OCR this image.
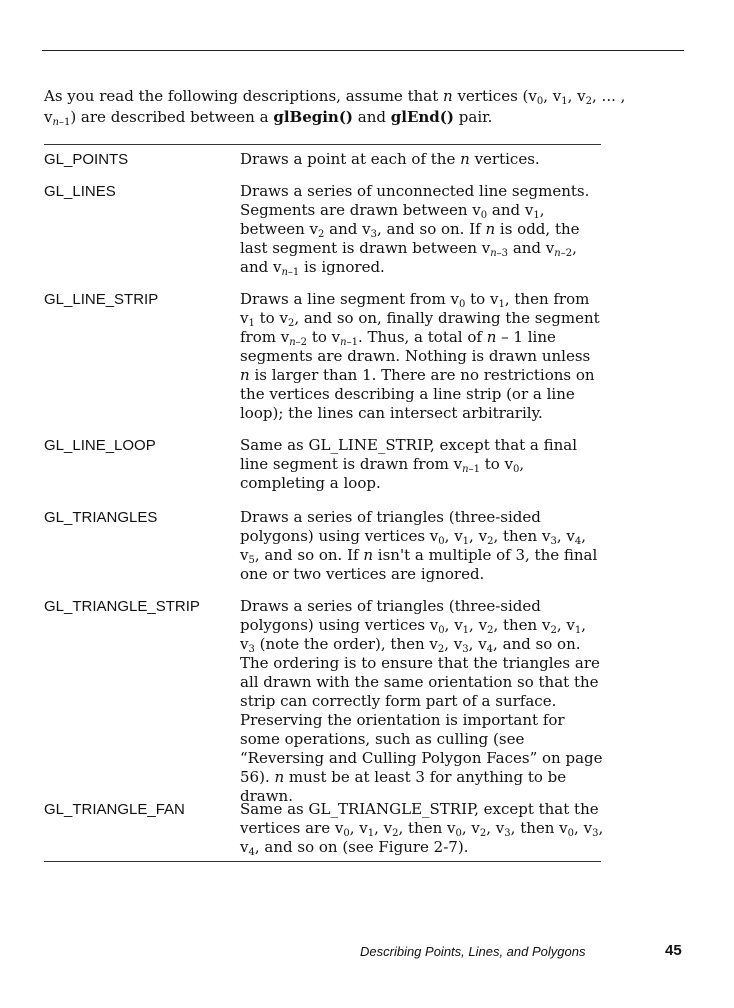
As you read the following descriptions, assume that n vertices ($v_0$, $v_1$, $v_2$, ... ,
$v_{n-1}$) are described between a glBegin() and glEnd() pair.

GL_POINTS	Draws a point at each of the n vertices.

GL_LINES	Draws a series of unconnected line segments. Segments are drawn between $v_0$ and $v_1$, between $v_2$ and $v_3$, and so on. If n is odd, the last segment is drawn between $v_{n-3}$ and $v_{n-2}$, and $v_{n-1}$ is ignored.

GL_LINE_STRIP	Draws a line segment from $v_0$ to $v_1$, then from $v_1$ to $v_2$, and so on, finally drawing the segment from $v_{n-2}$ to $v_{n-1}$. Thus, a total of n – 1 line segments are drawn. Nothing is drawn unless n is larger than 1. There are no restrictions on the vertices describing a line strip (or a line loop); the lines can intersect arbitrarily.

GL_LINE_LOOP	Same as GL_LINE_STRIP, except that a final line segment is drawn from $v_{n-1}$ to $v_0$, completing a loop.

GL_TRIANGLES	Draws a series of triangles (three-sided polygons) using vertices $v_0$, $v_1$, $v_2$, then $v_3$, $v_4$, $v_5$, and so on. If n isn't a multiple of 3, the final one or two vertices are ignored.

GL_TRIANGLE_STRIP	Draws a series of triangles (three-sided polygons) using vertices $v_0$, $v_1$, $v_2$, then $v_2$, $v_1$, $v_3$ (note the order), then $v_2$, $v_3$, $v_4$, and so on. The ordering is to ensure that the triangles are all drawn with the same orientation so that the strip can correctly form part of a surface. Preserving the orientation is important for some operations, such as culling (see “Reversing and Culling Polygon Faces” on page 56). n must be at least 3 for anything to be drawn.

GL_TRIANGLE_FAN	Same as GL_TRIANGLE_STRIP, except that the vertices are $v_0$, $v_1$, $v_2$, then $v_0$, $v_2$, $v_3$, then $v_0$, $v_3$, $v_4$, and so on (see Figure 2-7).

Describing Points, Lines, and Polygons	45
